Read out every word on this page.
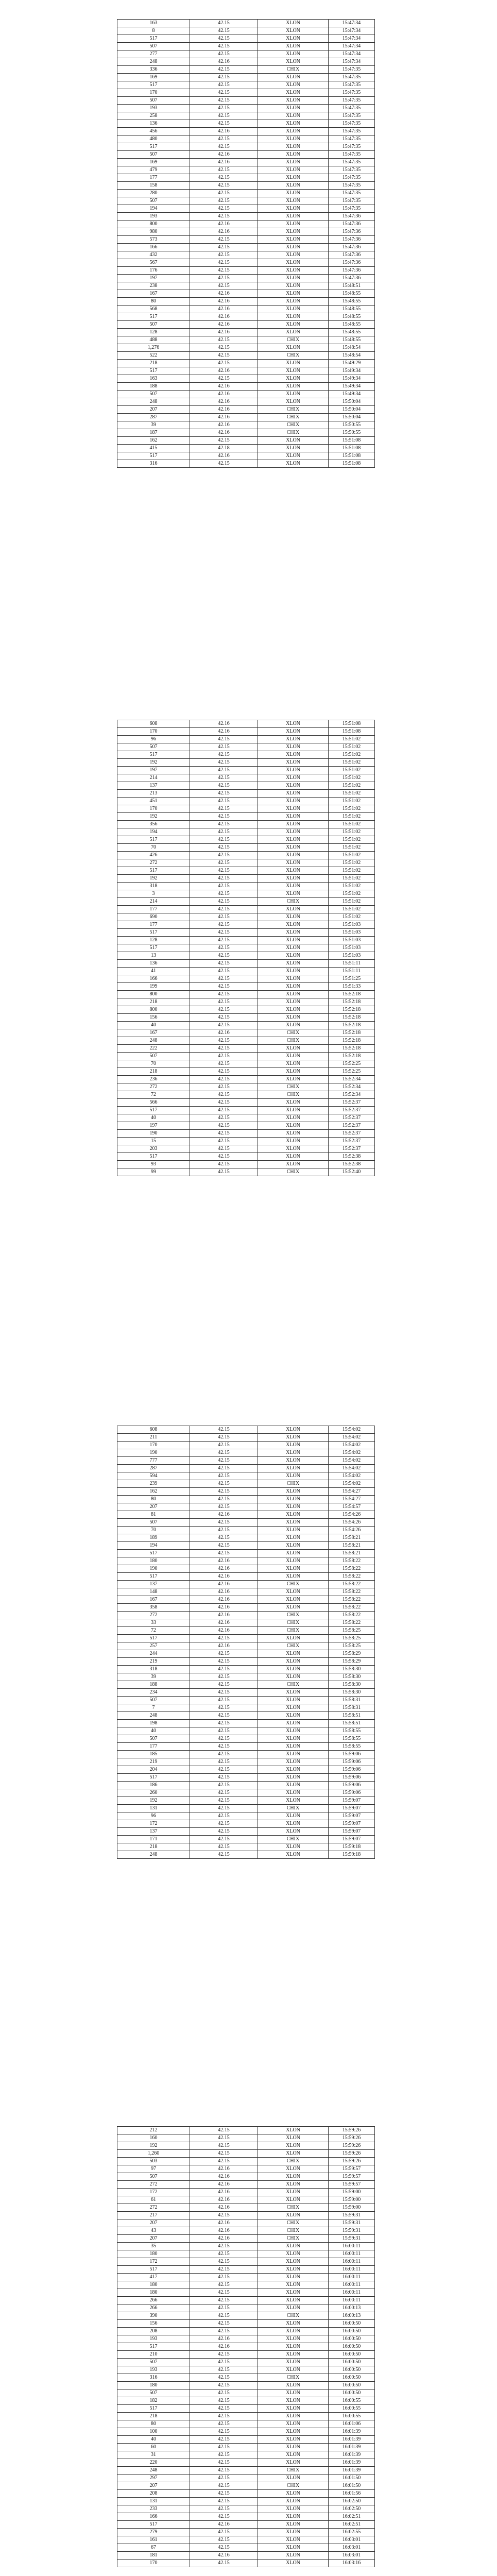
163	42.15	XLON	15:47:34
8	42.15	XLON	15:47:34
517	42.15	XLON	15:47:34
507	42.15	XLON	15:47:34
277	42.15	XLON	15:47:34
248	42.16	XLON	15:47:34
336	42.15	CHIX	15:47:35
169	42.15	XLON	15:47:35
517	42.15	XLON	15:47:35
170	42.15	XLON	15:47:35
507	42.15	XLON	15:47:35
193	42.15	XLON	15:47:35
258	42.15	XLON	15:47:35
136	42.15	XLON	15:47:35
456	42.16	XLON	15:47:35
480	42.15	XLON	15:47:35
517	42.15	XLON	15:47:35
507	42.16	XLON	15:47:35
169	42.16	XLON	15:47:35
479	42.15	XLON	15:47:35
177	42.15	XLON	15:47:35
158	42.15	XLON	15:47:35
280	42.15	XLON	15:47:35
507	42.15	XLON	15:47:35
194	42.15	XLON	15:47:35
193	42.15	XLON	15:47:36
800	42.16	XLON	15:47:36
980	42.16	XLON	15:47:36
573	42.15	XLON	15:47:36
166	42.15	XLON	15:47:36
432	42.15	XLON	15:47:36
567	42.15	XLON	15:47:36
176	42.15	XLON	15:47:36
197	42.15	XLON	15:47:36
238	42.15	XLON	15:48:51
167	42.16	XLON	15:48:55
80	42.16	XLON	15:48:55
568	42.16	XLON	15:48:55
517	42.16	XLON	15:48:55
507	42.16	XLON	15:48:55
128	42.16	XLON	15:48:55
488	42.15	CHIX	15:48:55
1,276	42.15	XLON	15:48:54
522	42.15	CHIX	15:48:54
218	42.15	XLON	15:49:29
517	42.16	XLON	15:49:34
163	42.15	XLON	15:49:34
188	42.16	XLON	15:49:34
507	42.16	XLON	15:49:34
248	42.16	XLON	15:50:04
207	42.16	CHIX	15:50:04
287	42.16	CHIX	15:50:04
39	42.16	CHIX	15:50:55
187	42.16	CHIX	15:50:55
162	42.15	XLON	15:51:08
415	42.18	XLON	15:51:08
517	42.16	XLON	15:51:08
316	42.15	XLON	15:51:08
608	42.16	XLON	15:51:08
170	42.16	XLON	15:51:08
96	42.15	XLON	15:51:02
507	42.15	XLON	15:51:02
517	42.15	XLON	15:51:02
192	42.15	XLON	15:51:02
197	42.15	XLON	15:51:02
214	42.15	XLON	15:51:02
137	42.15	XLON	15:51:02
213	42.15	XLON	15:51:02
451	42.15	XLON	15:51:02
170	42.15	XLON	15:51:02
192	42.15	XLON	15:51:02
356	42.15	XLON	15:51:02
194	42.15	XLON	15:51:02
517	42.15	XLON	15:51:02
70	42.15	XLON	15:51:02
426	42.15	XLON	15:51:02
272	42.15	XLON	15:51:02
517	42.15	XLON	15:51:02
192	42.15	XLON	15:51:02
318	42.15	XLON	15:51:02
3	42.15	XLON	15:51:02
214	42.15	CHIX	15:51:02
177	42.15	XLON	15:51:02
690	42.15	XLON	15:51:02
177	42.15	XLON	15:51:03
517	42.15	XLON	15:51:03
128	42.15	XLON	15:51:03
517	42.15	XLON	15:51:03
13	42.15	XLON	15:51:03
136	42.15	XLON	15:51:11
41	42.15	XLON	15:51:11
166	42.15	XLON	15:51:25
199	42.15	XLON	15:51:33
800	42.15	XLON	15:52:18
218	42.15	XLON	15:52:18
800	42.15	XLON	15:52:18
156	42.15	XLON	15:52:18
40	42.15	XLON	15:52:18
167	42.16	CHIX	15:52:18
248	42.15	CHIX	15:52:18
222	42.15	XLON	15:52:18
507	42.15	XLON	15:52:18
70	42.15	XLON	15:52:25
218	42.15	XLON	15:52:25
236	42.15	XLON	15:52:34
272	42.15	CHIX	15:52:34
72	42.15	CHIX	15:52:34
566	42.15	XLON	15:52:37
517	42.15	XLON	15:52:37
40	42.15	XLON	15:52:37
197	42.15	XLON	15:52:37
190	42.15	XLON	15:52:37
15	42.15	XLON	15:52:37
203	42.15	XLON	15:52:37
517	42.15	XLON	15:52:38
93	42.15	XLON	15:52:38
99	42.15	CHIX	15:52:40
608	42.15	XLON	15:54:02
211	42.15	XLON	15:54:02
170	42.15	XLON	15:54:02
190	42.15	XLON	15:54:02
777	42.15	XLON	15:54:02
287	42.15	XLON	15:54:02
594	42.15	XLON	15:54:02
239	42.15	CHIX	15:54:02
162	42.15	XLON	15:54:27
80	42.15	XLON	15:54:27
207	42.15	XLON	15:54:57
81	42.16	XLON	15:54:26
507	42.15	XLON	15:54:26
70	42.15	XLON	15:54:26
189	42.15	XLON	15:58:21
194	42.15	XLON	15:58:21
517	42.15	XLON	15:58:21
180	42.16	XLON	15:58:22
190	42.16	XLON	15:58:22
517	42.16	XLON	15:58:22
137	42.16	CHIX	15:58:22
148	42.16	XLON	15:58:22
167	42.16	XLON	15:58:22
358	42.16	XLON	15:58:22
272	42.16	CHIX	15:58:22
33	42.16	CHIX	15:58:22
72	42.16	CHIX	15:58:25
517	42.15	XLON	15:58:25
257	42.16	CHIX	15:58:25
244	42.15	XLON	15:58:29
219	42.15	XLON	15:58:29
318	42.15	XLON	15:58:30
39	42.15	XLON	15:58:30
188	42.15	CHIX	15:58:30
234	42.15	XLON	15:58:30
507	42.15	XLON	15:58:31
7	42.15	XLON	15:58:31
248	42.15	XLON	15:58:51
198	42.15	XLON	15:58:51
40	42.15	XLON	15:58:55
507	42.15	XLON	15:58:55
177	42.15	XLON	15:58:55
185	42.15	XLON	15:59:06
219	42.15	XLON	15:59:06
204	42.15	XLON	15:59:06
517	42.15	XLON	15:59:06
186	42.15	XLON	15:59:06
260	42.15	XLON	15:59:06
192	42.15	XLON	15:59:07
131	42.15	CHIX	15:59:07
96	42.15	XLON	15:59:07
172	42.15	XLON	15:59:07
137	42.15	XLON	15:59:07
171	42.15	CHIX	15:59:07
218	42.15	XLON	15:59:18
248	42.15	XLON	15:59:18
212	42.15	XLON	15:59:26
160	42.15	XLON	15:59:26
192	42.15	XLON	15:59:26
1,260	42.15	XLON	15:59:26
503	42.15	CHIX	15:59:26
97	42.16	XLON	15:59:57
507	42.16	XLON	15:59:57
272	42.16	XLON	15:59:57
172	42.16	XLON	15:59:00
61	42.16	XLON	15:59:00
272	42.16	CHIX	15:59:00
217	42.15	XLON	15:59:31
207	42.16	CHIX	15:59:31
43	42.16	CHIX	15:59:31
207	42.16	CHIX	15:59:31
35	42.15	XLON	16:00:11
180	42.15	XLON	16:00:11
172	42.15	XLON	16:00:11
517	42.15	XLON	16:00:11
417	42.15	XLON	16:00:11
180	42.15	XLON	16:00:11
180	42.15	XLON	16:00:11
266	42.15	XLON	16:00:11
266	42.15	XLON	16:00:13
390	42.15	CHIX	16:00:13
156	42.15	XLON	16:00:50
208	42.15	XLON	16:00:50
193	42.16	XLON	16:00:50
517	42.16	XLON	16:00:50
210	42.15	XLON	16:00:50
507	42.15	XLON	16:00:50
193	42.15	XLON	16:00:50
316	42.15	CHIX	16:00:50
180	42.15	XLON	16:00:50
507	42.15	XLON	16:00:50
182	42.15	XLON	16:00:55
517	42.15	XLON	16:00:55
218	42.15	XLON	16:00:55
80	42.15	XLON	16:01:06
100	42.15	XLON	16:01:39
40	42.15	XLON	16:01:39
60	42.15	XLON	16:01:39
31	42.15	XLON	16:01:39
220	42.15	XLON	16:01:39
248	42.15	CHIX	16:01:39
297	42.15	XLON	16:01:50
207	42.15	CHIX	16:01:50
208	42.15	XLON	16:01:56
131	42.15	XLON	16:02:50
233	42.15	XLON	16:02:50
166	42.15	XLON	16:02:51
517	42.16	XLON	16:02:51
279	42.15	XLON	16:02:55
161	42.15	XLON	16:03:01
67	42.15	XLON	16:03:01
181	42.16	XLON	16:03:01
170	42.15	XLON	16:03:16
